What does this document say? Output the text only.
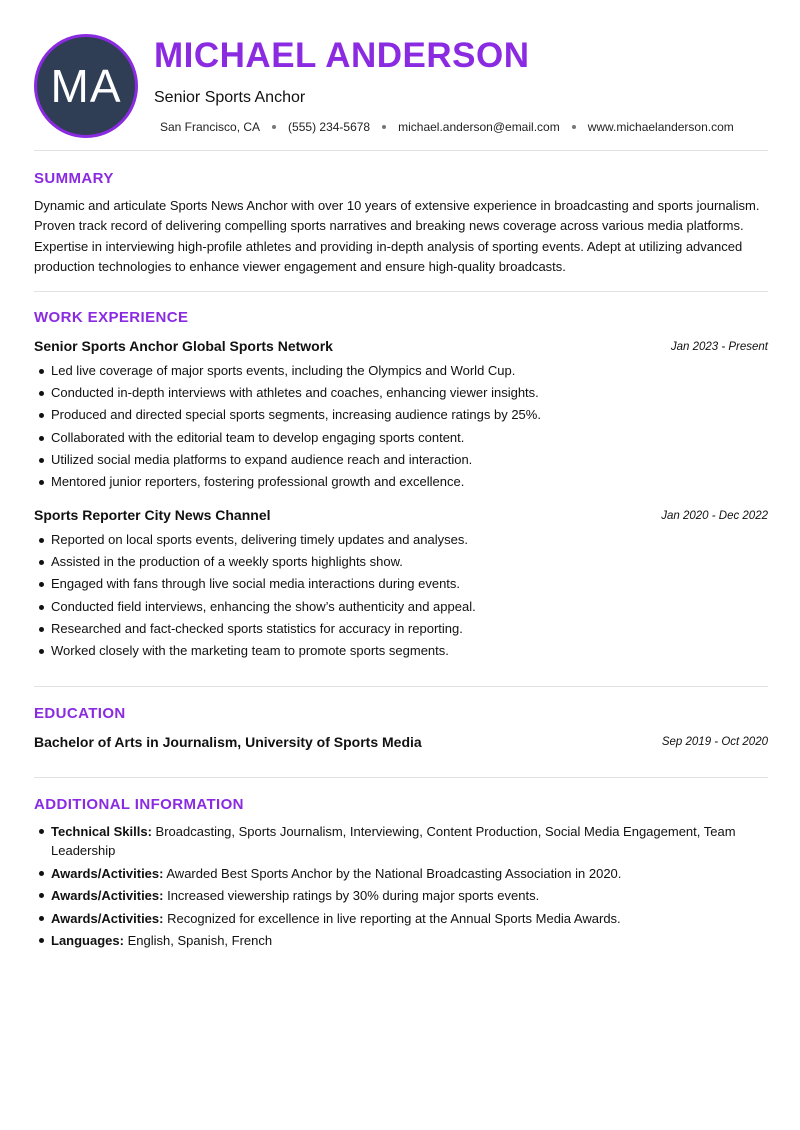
MA
MICHAEL ANDERSON
Senior Sports Anchor
San Francisco, CA (555) 234-5678 michael.anderson@email.com www.michaelanderson.com
SUMMARY
Dynamic and articulate Sports News Anchor with over 10 years of extensive experience in broadcasting and sports journalism. Proven track record of delivering compelling sports narratives and breaking news coverage across various media platforms. Expertise in interviewing high-profile athletes and providing in-depth analysis of sporting events. Adept at utilizing advanced production technologies to enhance viewer engagement and ensure high-quality broadcasts.
WORK EXPERIENCE
Senior Sports Anchor Global Sports Network	Jan 2023 - Present
Led live coverage of major sports events, including the Olympics and World Cup.
Conducted in-depth interviews with athletes and coaches, enhancing viewer insights.
Produced and directed special sports segments, increasing audience ratings by 25%.
Collaborated with the editorial team to develop engaging sports content.
Utilized social media platforms to expand audience reach and interaction.
Mentored junior reporters, fostering professional growth and excellence.
Sports Reporter City News Channel	Jan 2020 - Dec 2022
Reported on local sports events, delivering timely updates and analyses.
Assisted in the production of a weekly sports highlights show.
Engaged with fans through live social media interactions during events.
Conducted field interviews, enhancing the show’s authenticity and appeal.
Researched and fact-checked sports statistics for accuracy in reporting.
Worked closely with the marketing team to promote sports segments.
EDUCATION
Bachelor of Arts in Journalism, University of Sports Media	Sep 2019 - Oct 2020
ADDITIONAL INFORMATION
Technical Skills: Broadcasting, Sports Journalism, Interviewing, Content Production, Social Media Engagement, Team Leadership
Awards/Activities: Awarded Best Sports Anchor by the National Broadcasting Association in 2020.
Awards/Activities: Increased viewership ratings by 30% during major sports events.
Awards/Activities: Recognized for excellence in live reporting at the Annual Sports Media Awards.
Languages: English, Spanish, French
